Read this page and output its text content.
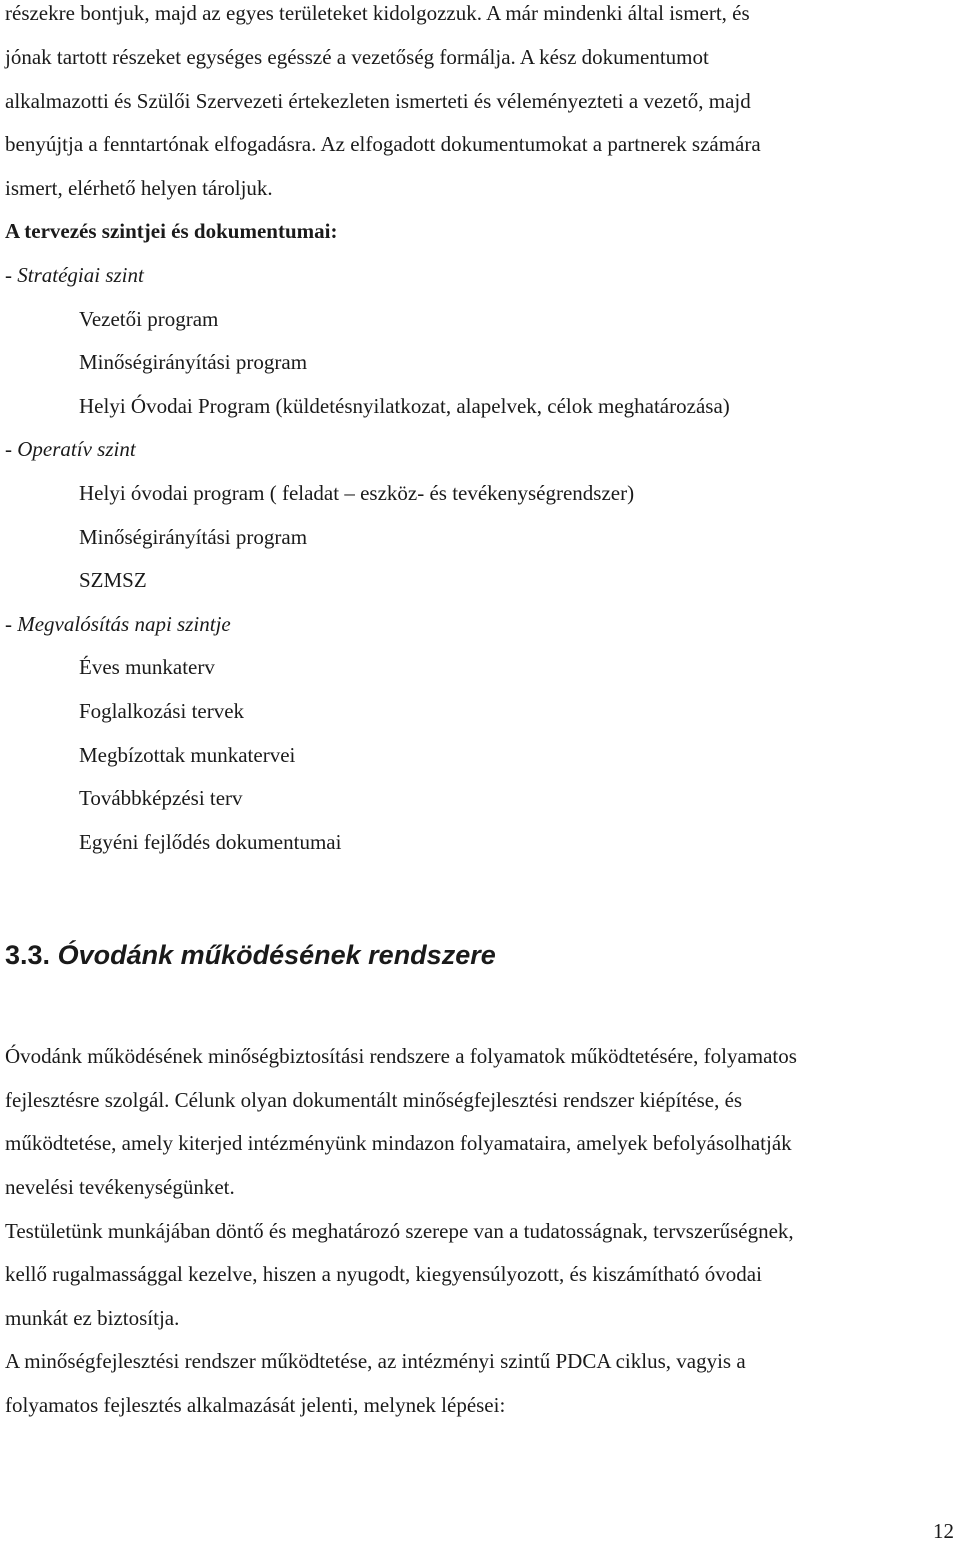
részekre bontjuk, majd az egyes területeket kidolgozzuk. A már mindenki által ismert, és
jónak tartott részeket egységes egésszé a vezetőség formálja. A kész dokumentumot
alkalmazotti és Szülői Szervezeti értekezleten ismerteti és véleményezteti a vezető, majd
benyújtja a fenntartónak elfogadásra. Az elfogadott dokumentumokat a partnerek számára
ismert, elérhető helyen tároljuk.
A tervezés szintjei és dokumentumai:
- Stratégiai szint
Vezetői program
Minőségirányítási program
Helyi Óvodai Program (küldetésnyilatkozat, alapelvek, célok meghatározása)
- Operatív szint
Helyi óvodai program ( feladat – eszköz- és tevékenységrendszer)
Minőségirányítási program
SZMSZ
- Megvalósítás napi szintje
Éves munkaterv
Foglalkozási tervek
Megbízottak munkatervei
Továbbképzési terv
Egyéni fejlődés dokumentumai
3.3. Óvodánk működésének rendszere
Óvodánk működésének minőségbiztosítási rendszere a folyamatok működtetésére, folyamatos
fejlesztésre szolgál. Célunk olyan dokumentált minőségfejlesztési rendszer kiépítése, és
működtetése, amely kiterjed intézményünk mindazon folyamataira, amelyek befolyásolhatják
nevelési tevékenységünket.
Testületünk munkájában döntő és meghatározó szerepe van a tudatosságnak, tervszerűségnek,
kellő rugalmassággal kezelve, hiszen a nyugodt, kiegyensúlyozott, és kiszámítható óvodai
munkát ez biztosítja.
A minőségfejlesztési rendszer működtetése, az intézményi szintű PDCA ciklus, vagyis a
folyamatos fejlesztés alkalmazását jelenti, melynek lépései:
12
